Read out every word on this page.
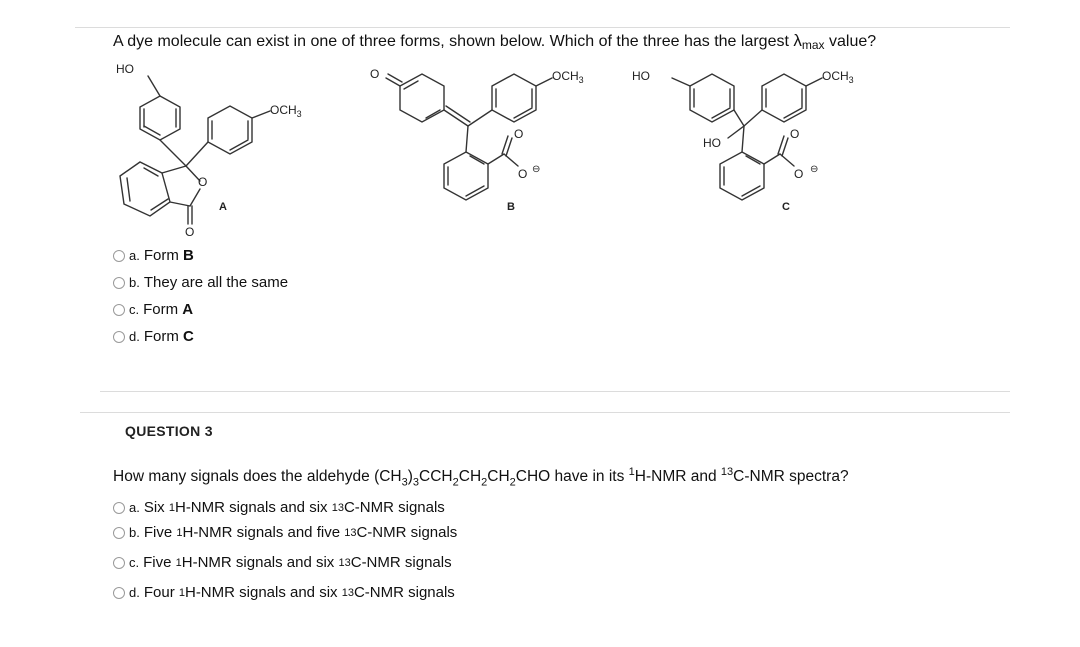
A dye molecule can exist in one of three forms, shown below. Which of the three has the largest λmax value?
HO
$OCH_3$
O
O
A
O	$OCH_3$
O
O ⊖
B
HO	$OCH_3$
HO
O
O ⊖
C
a. Form B
b. They are all the same
c. Form A
d. Form C
QUESTION 3
How many signals does the aldehyde $(CH_3)_3CCH_2CH_2CH_2CHO$ have in its $^1$H-NMR and $^{13}$C-NMR spectra?
a. Six 1 H-NMR signals and six 13 C-NMR signals
b. Five 1 H-NMR signals and five 13 C-NMR signals
c. Five 1 H-NMR signals and six 13 C-NMR signals
d. Four 1 H-NMR signals and six 13 C-NMR signals
